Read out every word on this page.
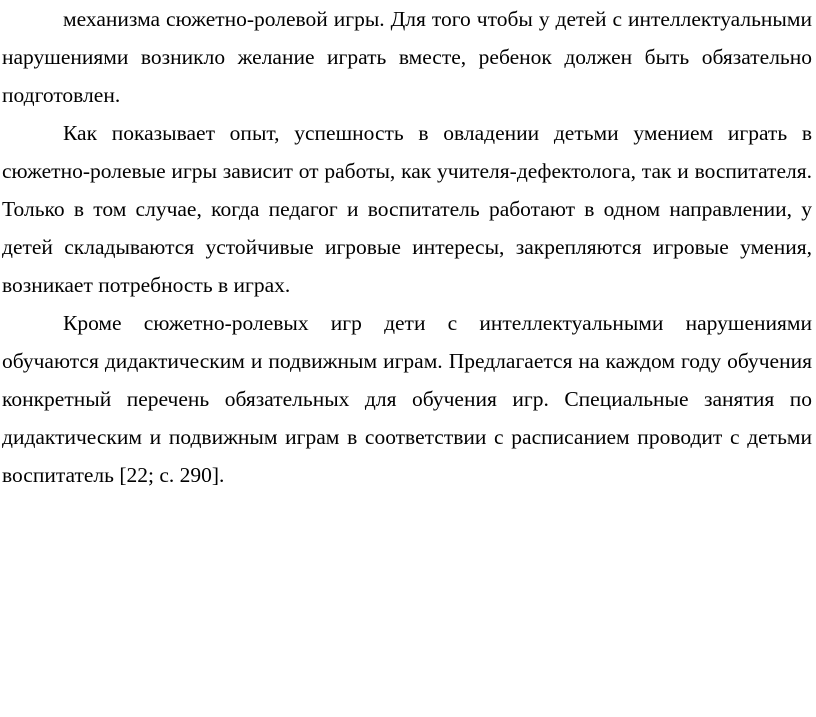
механизма сюжетно-ролевой игры. Для того чтобы у детей с интеллектуальными нарушениями возникло желание играть вместе, ребенок должен быть обязательно подготовлен.

Как показывает опыт, успешность в овладении детьми умением играть в сюжетно-ролевые игры зависит от работы, как учителя-дефектолога, так и воспитателя. Только в том случае, когда педагог и воспитатель работают в одном направлении, у детей складываются устойчивые игровые интересы, закрепляются игровые умения, возникает потребность в играх.

Кроме сюжетно-ролевых игр дети с интеллектуальными нарушениями обучаются дидактическим и подвижным играм. Предлагается на каждом году обучения конкретный перечень обязательных для обучения игр. Специальные занятия по дидактическим и подвижным играм в соответствии с расписанием проводит с детьми воспитатель [22; с. 290].
